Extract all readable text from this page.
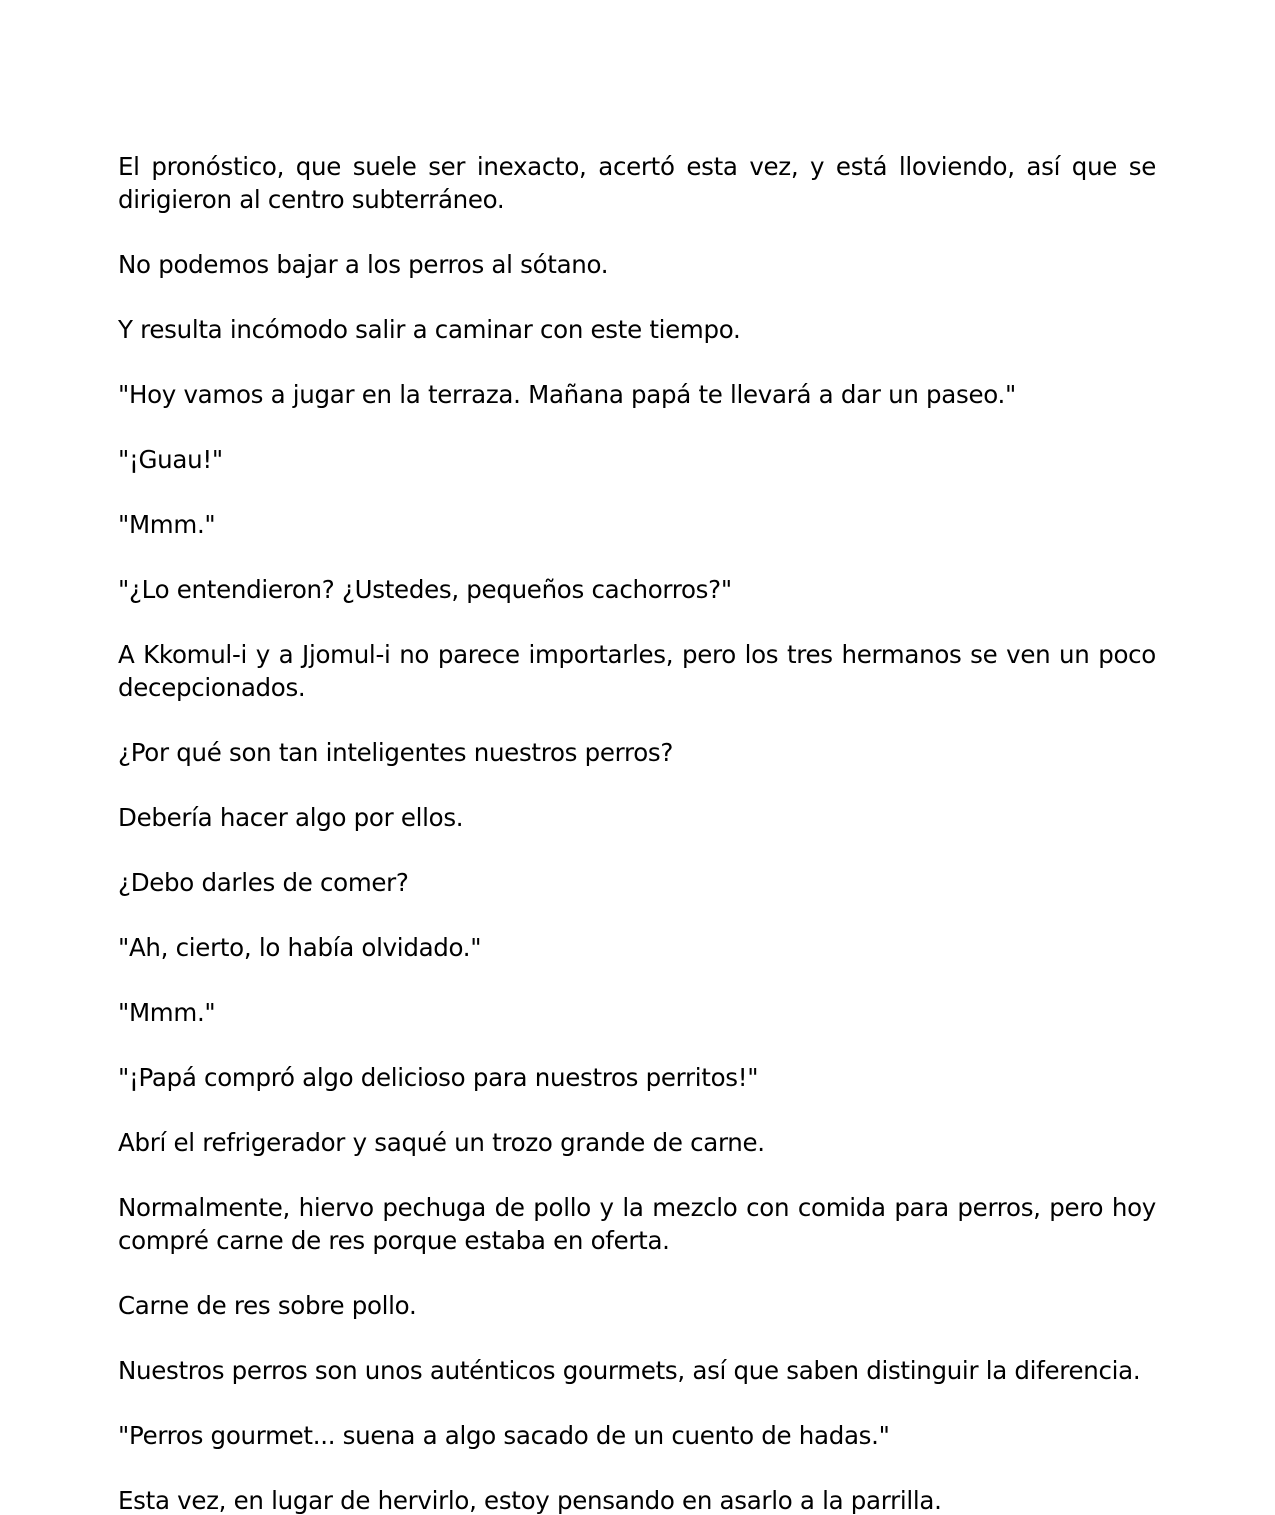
El pronóstico, que suele ser inexacto, acertó esta vez, y está lloviendo, así que se dirigieron al centro subterráneo.

No podemos bajar a los perros al sótano.

Y resulta incómodo salir a caminar con este tiempo.

"Hoy vamos a jugar en la terraza. Mañana papá te llevará a dar un paseo."

"¡Guau!"

"Mmm."

"¿Lo entendieron? ¿Ustedes, pequeños cachorros?"

A Kkomul-i y a Jjomul-i no parece importarles, pero los tres hermanos se ven un poco decepcionados.

¿Por qué son tan inteligentes nuestros perros?

Debería hacer algo por ellos.

¿Debo darles de comer?

"Ah, cierto, lo había olvidado."

"Mmm."

"¡Papá compró algo delicioso para nuestros perritos!"

Abrí el refrigerador y saqué un trozo grande de carne.

Normalmente, hiervo pechuga de pollo y la mezclo con comida para perros, pero hoy compré carne de res porque estaba en oferta.

Carne de res sobre pollo.

Nuestros perros son unos auténticos gourmets, así que saben distinguir la diferencia.

"Perros gourmet... suena a algo sacado de un cuento de hadas."

Esta vez, en lugar de hervirlo, estoy pensando en asarlo a la parrilla.
